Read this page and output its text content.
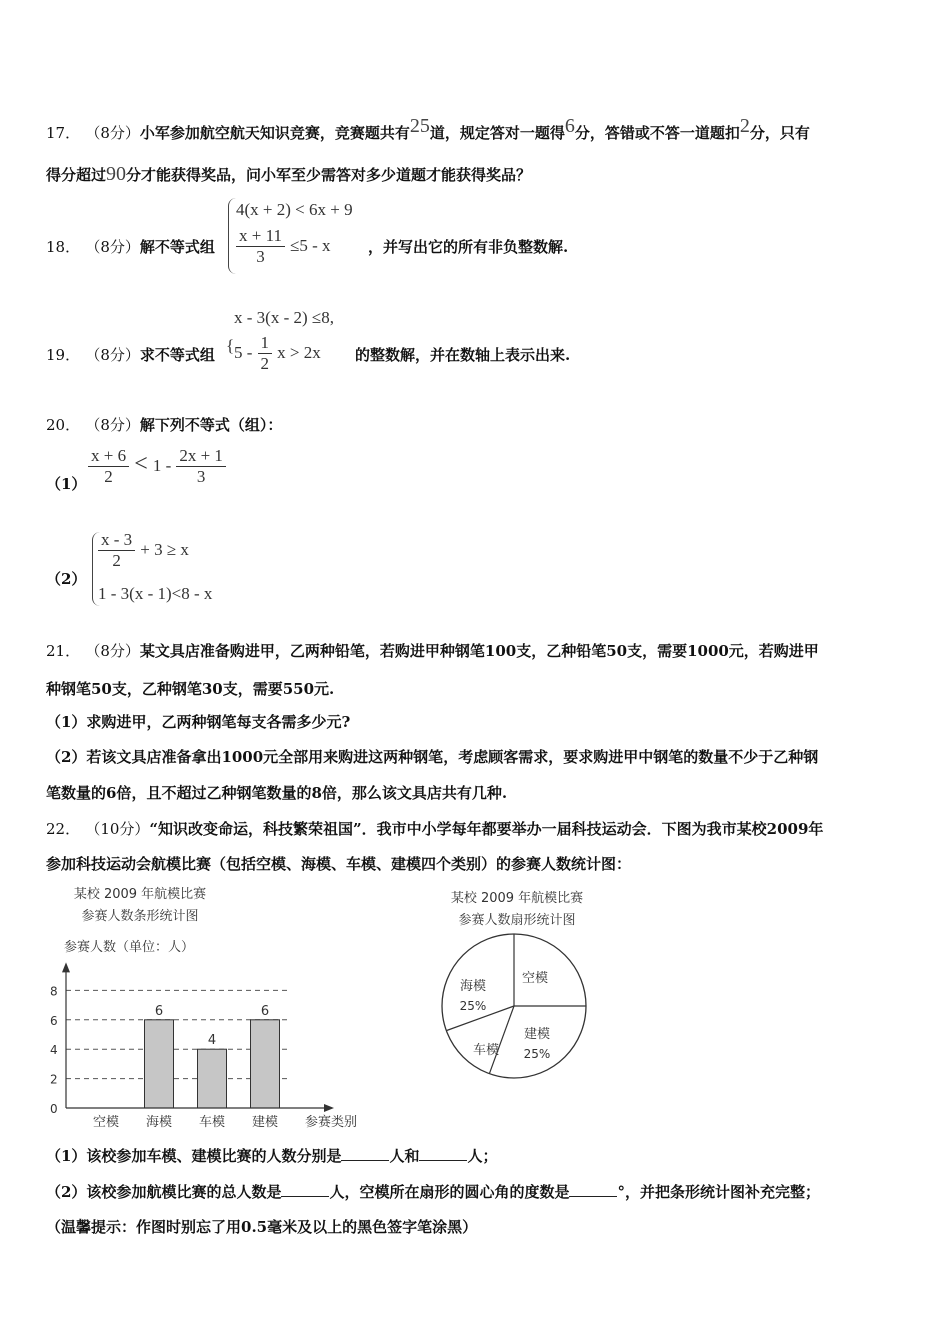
17． （8分）小军参加航空航天知识竞赛，竞赛题共有$^{25}$道，规定答对一题得$^6$分，答错或不答一道题扣$^2$分，只有
得分超过90分才能获得奖品，问小军至少需答对多少道题才能获得奖品？
18． （8分）解不等式组
4(x + 2) < 6x + 9
$\frac{x + 11}{3} \le 5 - x$ ，并写出它的所有非负整数解.
x - 3(x - 2) ≤8,
19． （8分）求不等式组 { $5 - \frac{1}{2}$ x > 2x 的整数解，并在数轴上表示出来.
20． （8分）解下列不等式（组）：
$(1) \frac{x + 6}{2} < 1 - \frac{2x + 1}{3}$
（2）
$\frac{x - 3}{2} + 3 \ge x$
1 - 3(x - 1)<8 - x
21． （8分）某文具店准备购进甲，乙两种铅笔，若购进甲种钢笔100支，乙种铅笔50支，需要1000元，若购进甲
种钢笔50支，乙种钢笔30支，需要550元.
（1）求购进甲，乙两种钢笔每支各需多少元?
（2）若该文具店准备拿出1000元全部用来购进这两种钢笔，考虑顾客需求，要求购进甲中钢笔的数量不少于乙种钢
笔数量的6倍，且不超过乙种钢笔数量的8倍，那么该文具店共有几种.
22． （10分）“知识改变命运，科技繁荣祖国”．我市中小学每年都要举办一届科技运动会．下图为我市某校2009年
参加科技运动会航模比赛（包括空模、海模、车模、建模四个类别）的参赛人数统计图：
某校 2009 年航模比赛
参赛人数条形统计图
参赛人数（单位：人）
6
4
6
0
2
4
6
8
空模 海模 车模 建模 参赛类别
某校 2009 年航模比赛
参赛人数扇形统计图
空模
建模
25%
车模
海模
25%
（1）该校参加车模、建模比赛的人数分别是	人和	人；
（2）该校参加航模比赛的总人数是	人，空模所在扇形的圆心角的度数是	°，并把条形统计图补充完整；
（温馨提示：作图时别忘了用0.5毫米及以上的黑色签字笔涂黑）
